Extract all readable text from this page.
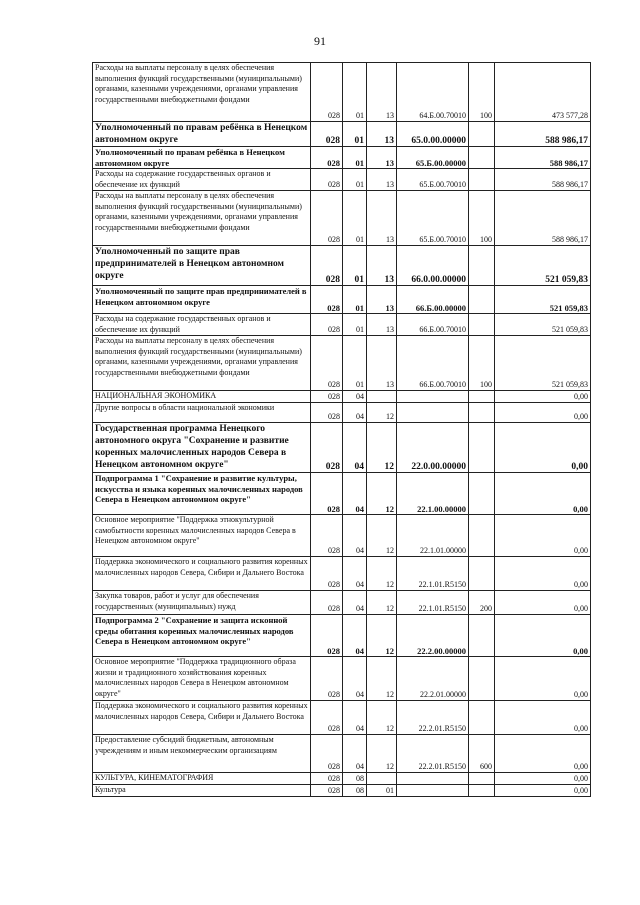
91
Расходы на выплаты персоналу в целях обеспечения выполнения функций государственными (муниципальными) органами, казенными учреждениями, органами управления государственными внебюджетными фондами	028	01	13	64.Б.00.70010	100	473 577,28
Уполномоченный по правам ребёнка в Ненецком автономном округе	028	01	13	65.0.00.00000		588 986,17
Уполномоченный по правам ребёнка в Ненецком автономном округе	028	01	13	65.Б.00.00000		588 986,17
Расходы на содержание государственных органов и обеспечение их функций	028	01	13	65.Б.00.70010		588 986,17
Расходы на выплаты персоналу в целях обеспечения выполнения функций государственными (муниципальными) органами, казенными учреждениями, органами управления государственными внебюджетными фондами	028	01	13	65.Б.00.70010	100	588 986,17
Уполномоченный по защите прав предпринимателей в Ненецком автономном округе	028	01	13	66.0.00.00000		521 059,83
Уполномоченный по защите прав предпринимателей в Ненецком автономном округе	028	01	13	66.Б.00.00000		521 059,83
Расходы на содержание государственных органов и обеспечение их функций	028	01	13	66.Б.00.70010		521 059,83
Расходы на выплаты персоналу в целях обеспечения выполнения функций государственными (муниципальными) органами, казенными учреждениями, органами управления государственными внебюджетными фондами	028	01	13	66.Б.00.70010	100	521 059,83
НАЦИОНАЛЬНАЯ ЭКОНОМИКА	028	04				0,00
Другие вопросы в области национальной экономики	028	04	12			0,00
Государственная программа Ненецкого автономного округа "Сохранение и развитие коренных малочисленных народов Севера в Ненецком автономном округе"	028	04	12	22.0.00.00000		0,00
Подпрограмма 1 "Сохранение и развитие культуры, искусства и языка коренных малочисленных народов Севера в Ненецком автономном округе"	028	04	12	22.1.00.00000		0,00
Основное мероприятие "Поддержка этнокультурной самобытности коренных малочисленных народов Севера в Ненецком автономном округе"	028	04	12	22.1.01.00000		0,00
Поддержка экономического и социального развития коренных малочисленных народов Севера, Сибири и Дальнего Востока	028	04	12	22.1.01.R5150		0,00
Закупка товаров, работ и услуг для обеспечения государственных (муниципальных) нужд	028	04	12	22.1.01.R5150	200	0,00
Подпрограмма 2 "Сохранение и защита исконной среды обитания коренных малочисленных народов Севера в Ненецком автономном округе"	028	04	12	22.2.00.00000		0,00
Основное мероприятие "Поддержка традиционного образа жизни и традиционного хозяйствования коренных малочисленных народов Севера в Ненецком автономном округе"	028	04	12	22.2.01.00000		0,00
Поддержка экономического и социального развития коренных малочисленных народов Севера, Сибири и Дальнего Востока	028	04	12	22.2.01.R5150		0,00
Предоставление субсидий бюджетным, автономным учреждениям и иным некоммерческим организациям	028	04	12	22.2.01.R5150	600	0,00
КУЛЬТУРА, КИНЕМАТОГРАФИЯ	028	08				0,00
Культура	028	08	01			0,00
